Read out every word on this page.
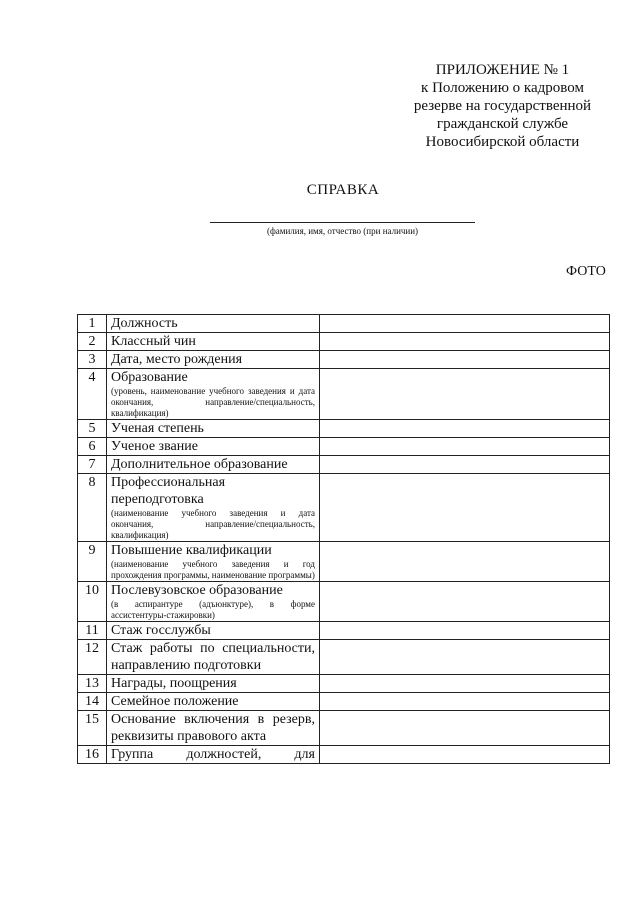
ПРИЛОЖЕНИЕ № 1
к Положению о кадровом
резерве на государственной
гражданской службе
Новосибирской области
СПРАВКА
(фамилия, имя, отчество (при наличии)
ФОТО
1	Должность	

2	Классный чин	

3	Дата, место рождения	

4	Образование
(уровень, наименование учебного заведения и дата окончания, направление/специальность, квалификация)	

5	Ученая степень	

6	Ученое звание	

7	Дополнительное образование	

8	Профессиональная переподготовка
(наименование учебного заведения и дата окончания, направление/специальность, квалификация)	

9	Повышение квалификации
(наименование учебного заведения и год прохождения программы, наименование программы)	

10	Послевузовское образование
(в аспирантуре (адъюнктуре), в форме ассистентуры-стажировки)	

11	Стаж госслужбы	

12	Стаж работы по специальности, направлению подготовки	

13	Награды, поощрения	

14	Семейное положение	

15	Основание включения в резерв, реквизиты правового акта	

16	Группа должностей, для	
